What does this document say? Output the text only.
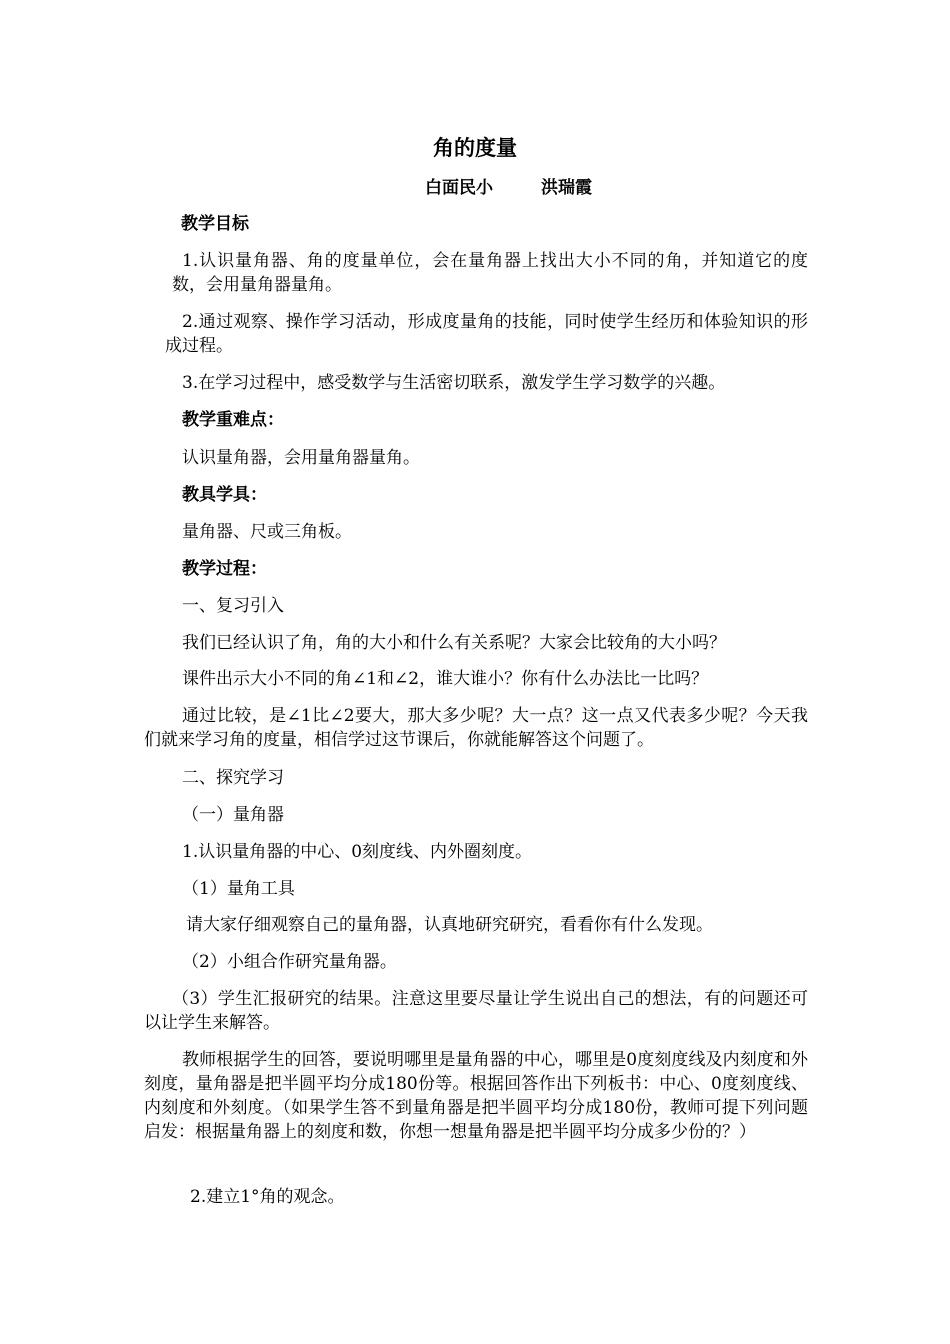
角的度量
白面民小	洪瑞霞
教学目标
1.认识量角器、角的度量单位，会在量角器上找出大小不同的角，并知道它的度数，会用量角器量角。
2.通过观察、操作学习活动，形成度量角的技能，同时使学生经历和体验知识的形成过程。
3.在学习过程中，感受数学与生活密切联系，激发学生学习数学的兴趣。
教学重难点：
认识量角器，会用量角器量角。
教具学具：
量角器、尺或三角板。
教学过程：
一、复习引入
我们已经认识了角，角的大小和什么有关系呢？大家会比较角的大小吗？
课件出示大小不同的角∠1和∠2，谁大谁小？你有什么办法比一比吗？
通过比较，是∠1比∠2要大，那大多少呢？大一点？这一点又代表多少呢？今天我们就来学习角的度量，相信学过这节课后，你就能解答这个问题了。
二、探究学习
（一）量角器
1.认识量角器的中心、0刻度线、内外圈刻度。
（1）量角工具
请大家仔细观察自己的量角器，认真地研究研究，看看你有什么发现。
（2）小组合作研究量角器。
（3）学生汇报研究的结果。注意这里要尽量让学生说出自己的想法，有的问题还可以让学生来解答。
教师根据学生的回答，要说明哪里是量角器的中心，哪里是0度刻度线及内刻度和外刻度，量角器是把半圆平均分成180份等。根据回答作出下列板书：中心、0度刻度线、内刻度和外刻度。（如果学生答不到量角器是把半圆平均分成180份，教师可提下列问题启发：根据量角器上的刻度和数，你想一想量角器是把半圆平均分成多少份的？）
2.建立1°角的观念。
